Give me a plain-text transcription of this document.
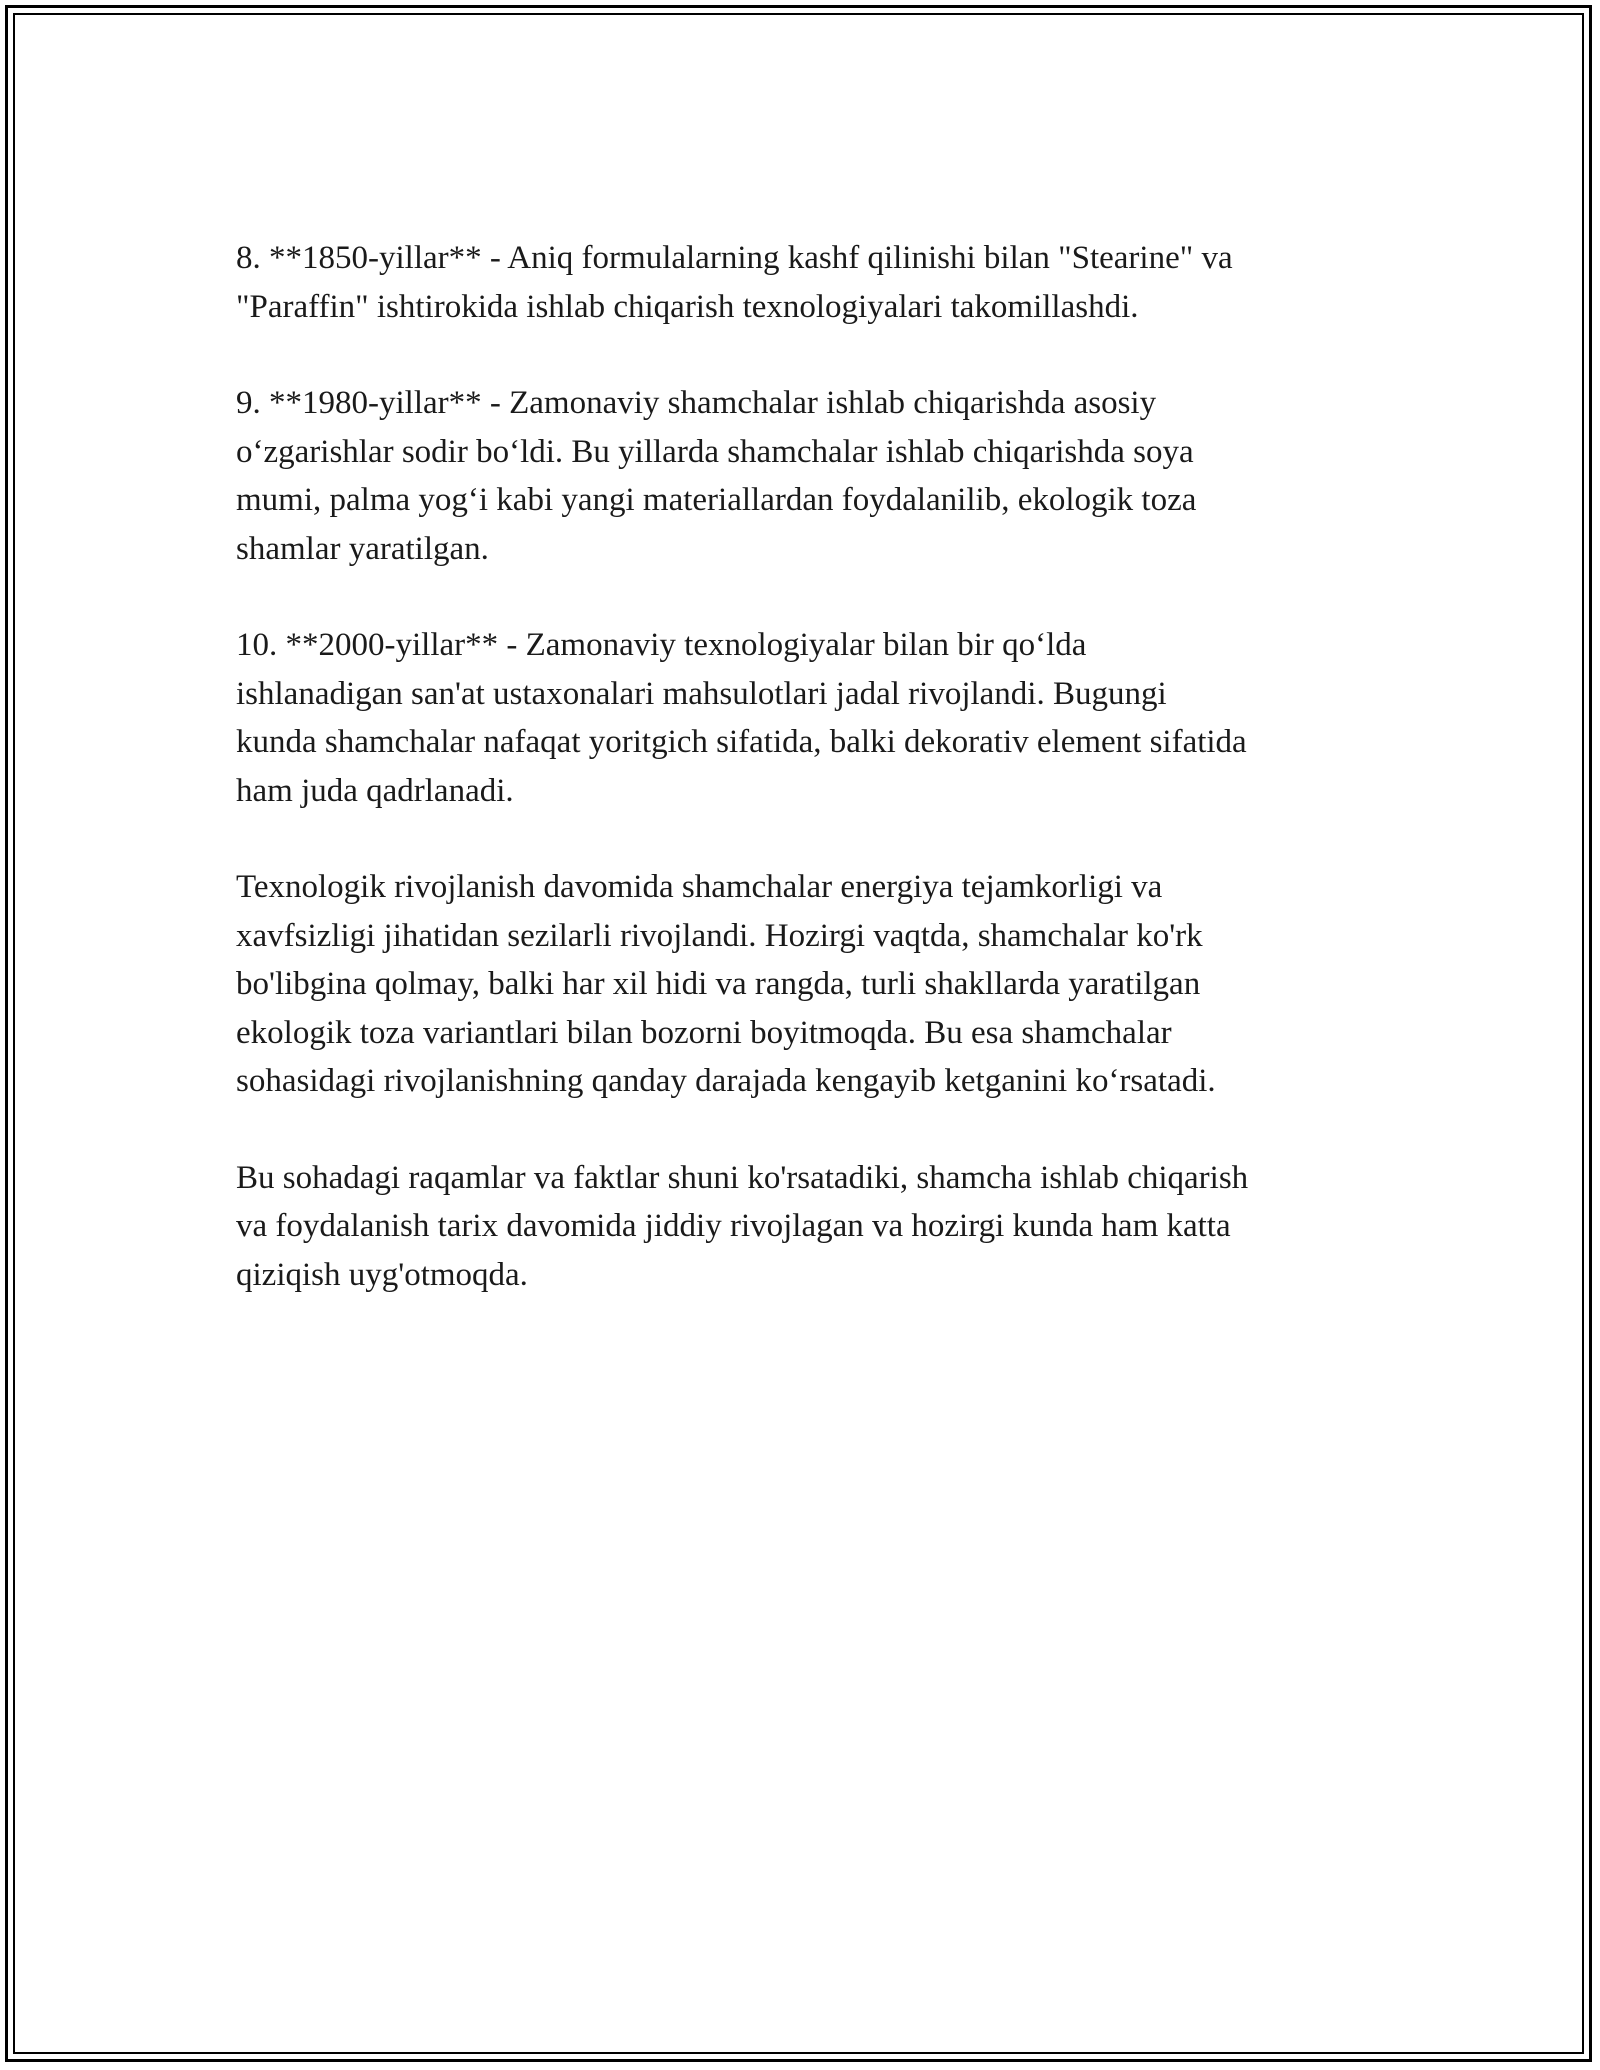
8. **1850-yillar** - Aniq formulalarning kashf qilinishi bilan "Stearine" va
"Paraffin" ishtirokida ishlab chiqarish texnologiyalari takomillashdi.

9. **1980-yillar** - Zamonaviy shamchalar ishlab chiqarishda asosiy
o‘zgarishlar sodir bo‘ldi. Bu yillarda shamchalar ishlab chiqarishda soya
mumi, palma yog‘i kabi yangi materiallardan foydalanilib, ekologik toza
shamlar yaratilgan.

10. **2000-yillar** - Zamonaviy texnologiyalar bilan bir qo‘lda
ishlanadigan san'at ustaxonalari mahsulotlari jadal rivojlandi. Bugungi
kunda shamchalar nafaqat yoritgich sifatida, balki dekorativ element sifatida
ham juda qadrlanadi.

Texnologik rivojlanish davomida shamchalar energiya tejamkorligi va
xavfsizligi jihatidan sezilarli rivojlandi. Hozirgi vaqtda, shamchalar ko'rk
bo'libgina qolmay, balki har xil hidi va rangda, turli shakllarda yaratilgan
ekologik toza variantlari bilan bozorni boyitmoqda. Bu esa shamchalar
sohasidagi rivojlanishning qanday darajada kengayib ketganini ko‘rsatadi.

Bu sohadagi raqamlar va faktlar shuni ko'rsatadiki, shamcha ishlab chiqarish
va foydalanish tarix davomida jiddiy rivojlagan va hozirgi kunda ham katta
qiziqish uyg'otmoqda.
